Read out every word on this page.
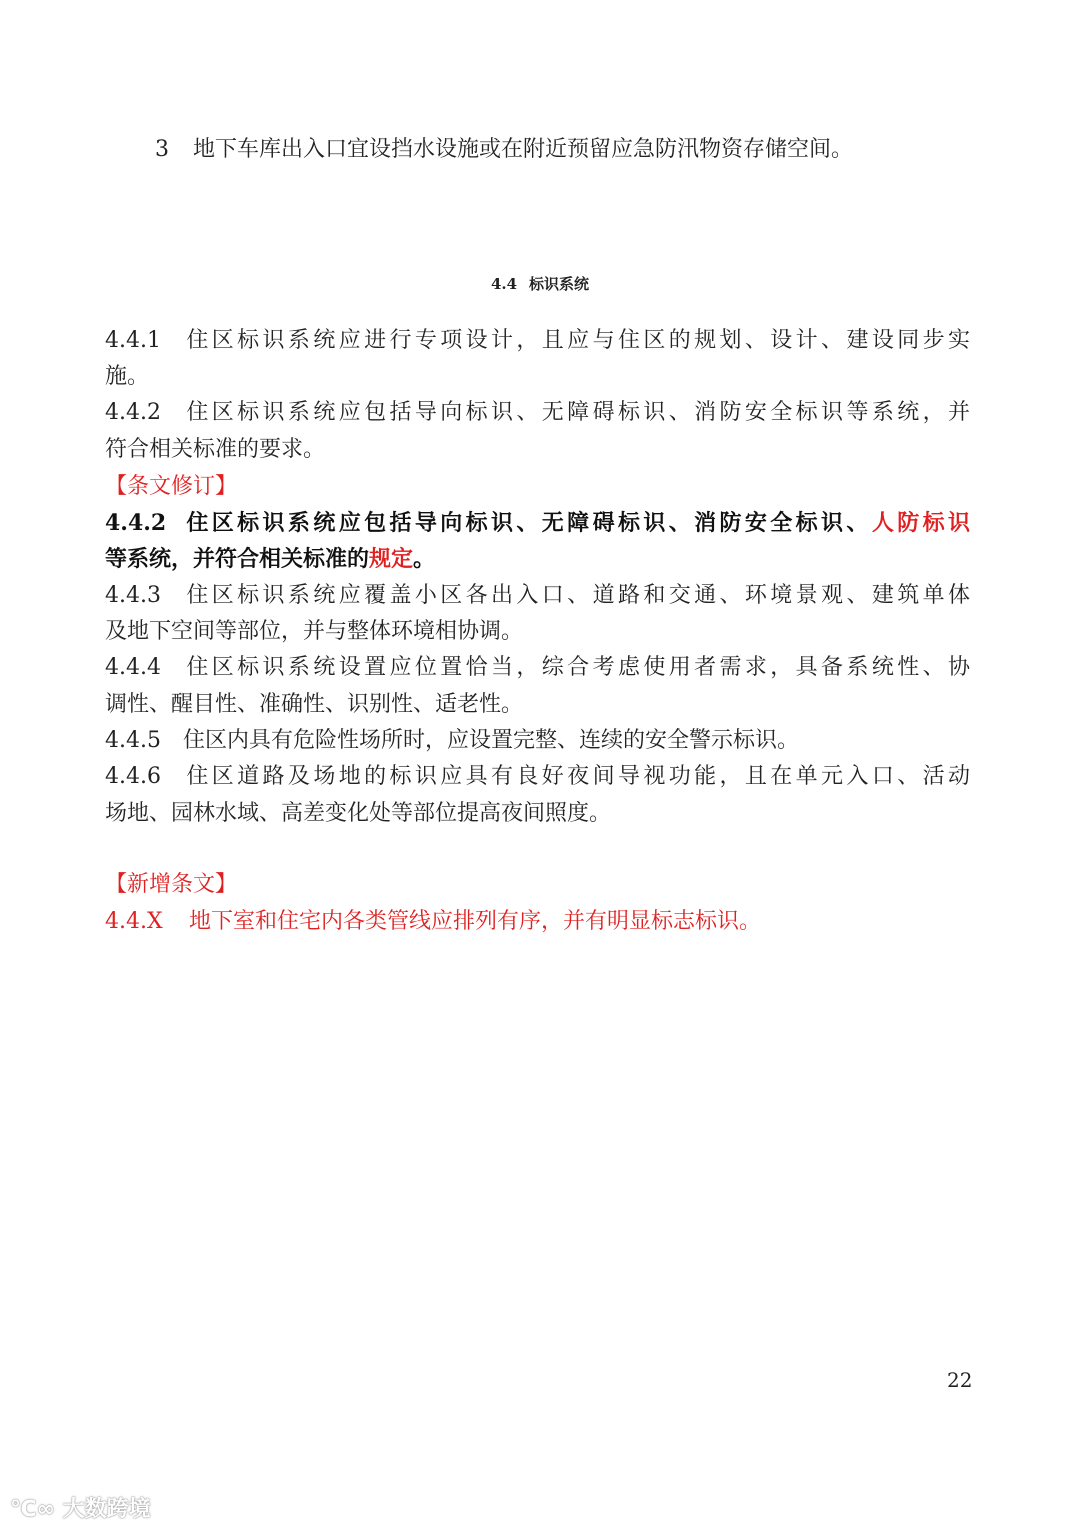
3 地下车库出入口宜设挡水设施或在附近预留应急防汛物资存储空间。
4.4 标识系统
4.4.1 住区标识系统应进行专项设计，且应与住区的规划、设计、建设同步实
施。
4.4.2 住区标识系统应包括导向标识、无障碍标识、消防安全标识等系统，并
符合相关标准的要求。
【条文修订】
4.4.2 住区标识系统应包括导向标识、无障碍标识、消防安全标识、人防标识
等系统，并符合相关标准的规定。
4.4.3 住区标识系统应覆盖小区各出入口、道路和交通、环境景观、建筑单体
及地下空间等部位，并与整体环境相协调。
4.4.4 住区标识系统设置应位置恰当，综合考虑使用者需求，具备系统性、协
调性、醒目性、准确性、识别性、适老性。
4.4.5 住区内具有危险性场所时，应设置完整、连续的安全警示标识。
4.4.6 住区道路及场地的标识应具有良好夜间导视功能，且在单元入口、活动
场地、园林水域、高差变化处等部位提高夜间照度。
【新增条文】
4.4.X 地下室和住宅内各类管线应排列有序，并有明显标志标识。
22
℃∞ 大数跨境
